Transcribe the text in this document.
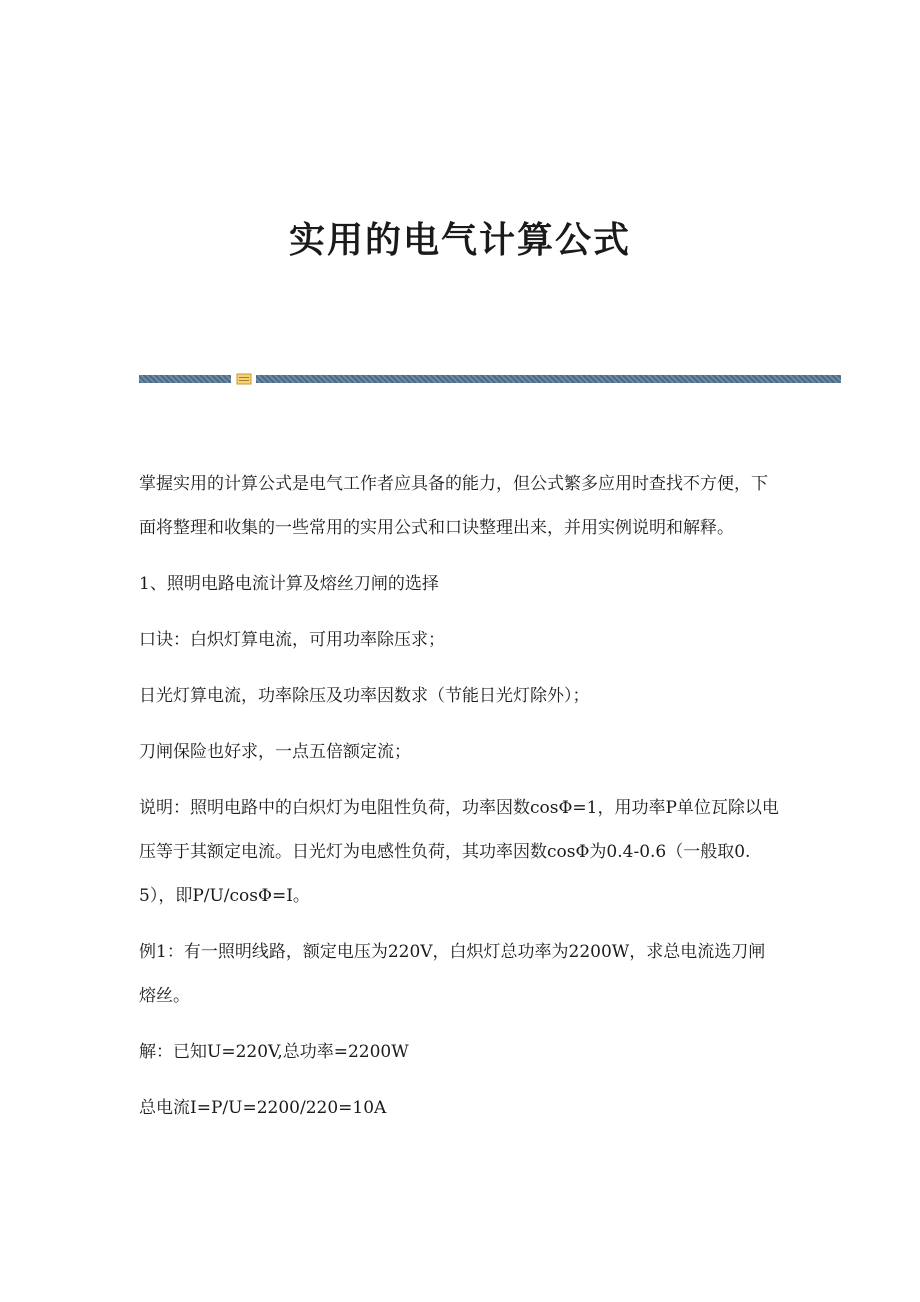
实用的电气计算公式

掌握实用的计算公式是电气工作者应具备的能力，但公式繁多应用时查找不方便，下面将整理和收集的一些常用的实用公式和口诀整理出来，并用实例说明和解释。

1、照明电路电流计算及熔丝刀闸的选择

口诀：白炽灯算电流，可用功率除压求；

日光灯算电流，功率除压及功率因数求（节能日光灯除外）；

刀闸保险也好求，一点五倍额定流；

说明：照明电路中的白炽灯为电阻性负荷，功率因数cosΦ=1，用功率P单位瓦除以电压等于其额定电流。日光灯为电感性负荷，其功率因数cosΦ为0.4-0.6（一般取0.5），即P/U/cosΦ=I。

例1：有一照明线路，额定电压为220V，白炽灯总功率为2200W，求总电流选刀闸熔丝。

解：已知U=220V,总功率=2200W

总电流I=P/U=2200/220=10A
